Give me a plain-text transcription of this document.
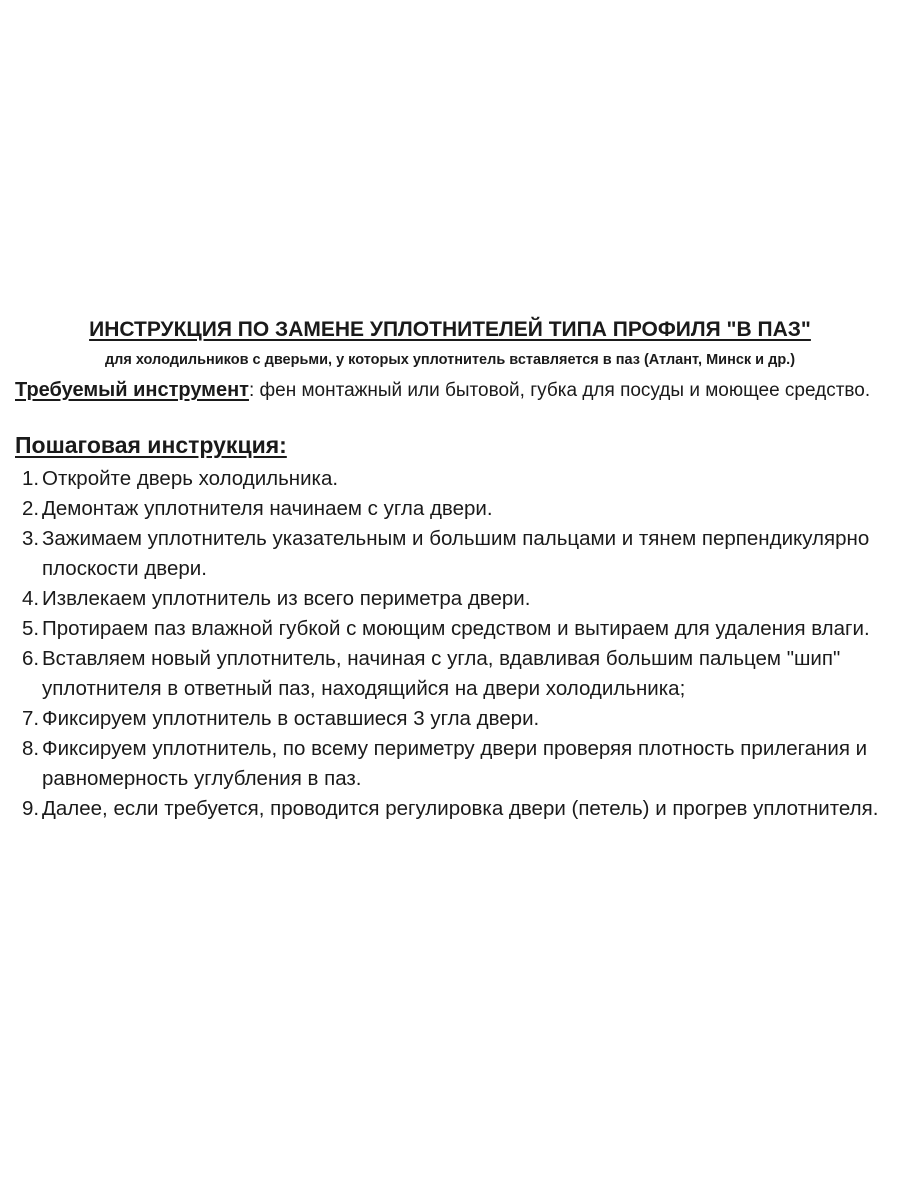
ИНСТРУКЦИЯ ПО ЗАМЕНЕ УПЛОТНИТЕЛЕЙ ТИПА ПРОФИЛЯ "В ПАЗ"
для холодильников с дверьми, у которых уплотнитель вставляется в паз (Атлант, Минск и др.)
Требуемый инструмент: фен монтажный или бытовой, губка для посуды и моющее средство.
Пошаговая инструкция:
1. Откройте дверь холодильника.
2. Демонтаж уплотнителя начинаем с угла двери.
3. Зажимаем уплотнитель указательным и большим пальцами и тянем перпендикулярно плоскости двери.
4. Извлекаем уплотнитель из всего периметра двери.
5. Протираем паз влажной губкой с моющим средством и вытираем для удаления влаги.
6. Вставляем новый уплотнитель, начиная с угла, вдавливая большим пальцем "шип" уплотнителя в ответный паз, находящийся на двери холодильника;
7. Фиксируем уплотнитель в оставшиеся 3 угла двери.
8. Фиксируем уплотнитель, по всему периметру двери проверяя плотность прилегания и равномерность углубления в паз.
9. Далее, если требуется, проводится регулировка двери (петель) и прогрев уплотнителя.
